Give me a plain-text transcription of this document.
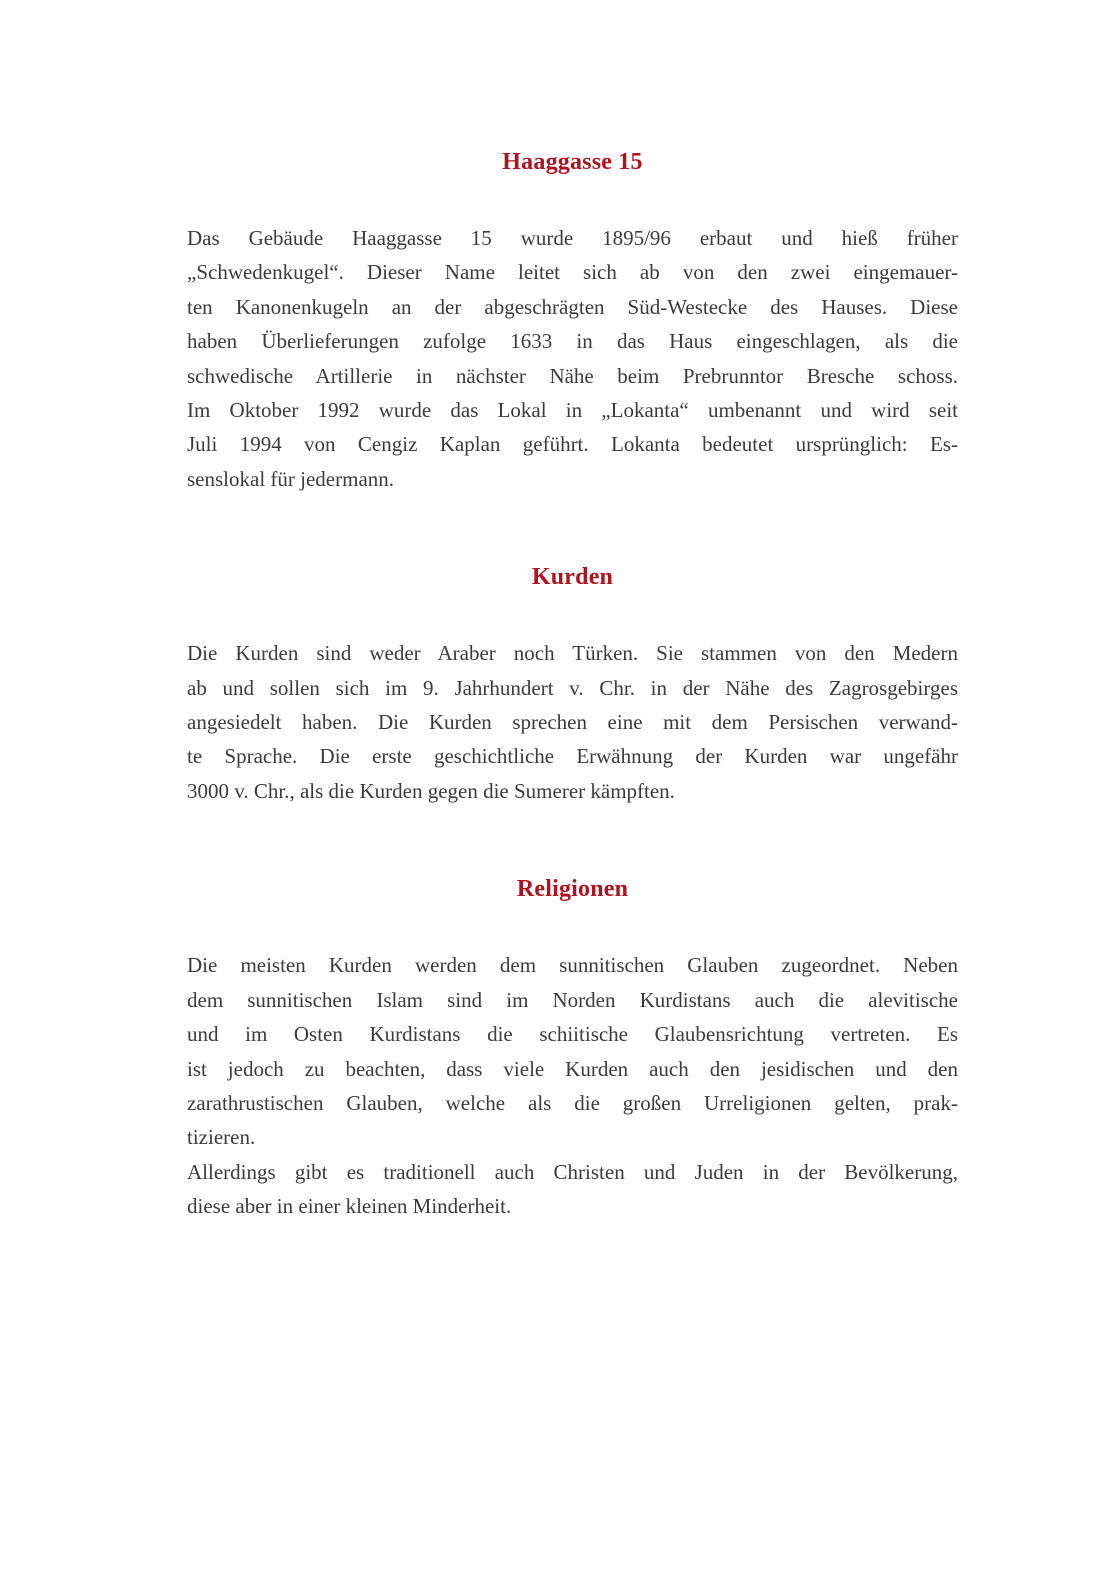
Haaggasse 15
Das Gebäude Haaggasse 15 wurde 1895/96 erbaut und hieß früher
„Schwedenkugel“. Dieser Name leitet sich ab von den zwei eingemauer-
ten Kanonenkugeln an der abgeschrägten Süd-Westecke des Hauses. Diese
haben Überlieferungen zufolge 1633 in das Haus eingeschlagen, als die
schwedische Artillerie in nächster Nähe beim Prebrunntor Bresche schoss.
Im Oktober 1992 wurde das Lokal in „Lokanta“ umbenannt und wird seit
Juli 1994 von Cengiz Kaplan geführt. Lokanta bedeutet ursprünglich: Es-
senslokal für jedermann.
Kurden
Die Kurden sind weder Araber noch Türken. Sie stammen von den Medern
ab und sollen sich im 9. Jahrhundert v. Chr. in der Nähe des Zagrosgebirges
angesiedelt haben. Die Kurden sprechen eine mit dem Persischen verwand-
te Sprache. Die erste geschichtliche Erwähnung der Kurden war ungefähr
3000 v. Chr., als die Kurden gegen die Sumerer kämpften.
Religionen
Die meisten Kurden werden dem sunnitischen Glauben zugeordnet. Neben
dem sunnitischen Islam sind im Norden Kurdistans auch die alevitische
und im Osten Kurdistans die schiitische Glaubensrichtung vertreten. Es
ist jedoch zu beachten, dass viele Kurden auch den jesidischen und den
zarathrustischen Glauben, welche als die großen Urreligionen gelten, prak-
tizieren.
Allerdings gibt es traditionell auch Christen und Juden in der Bevölkerung,
diese aber in einer kleinen Minderheit.
